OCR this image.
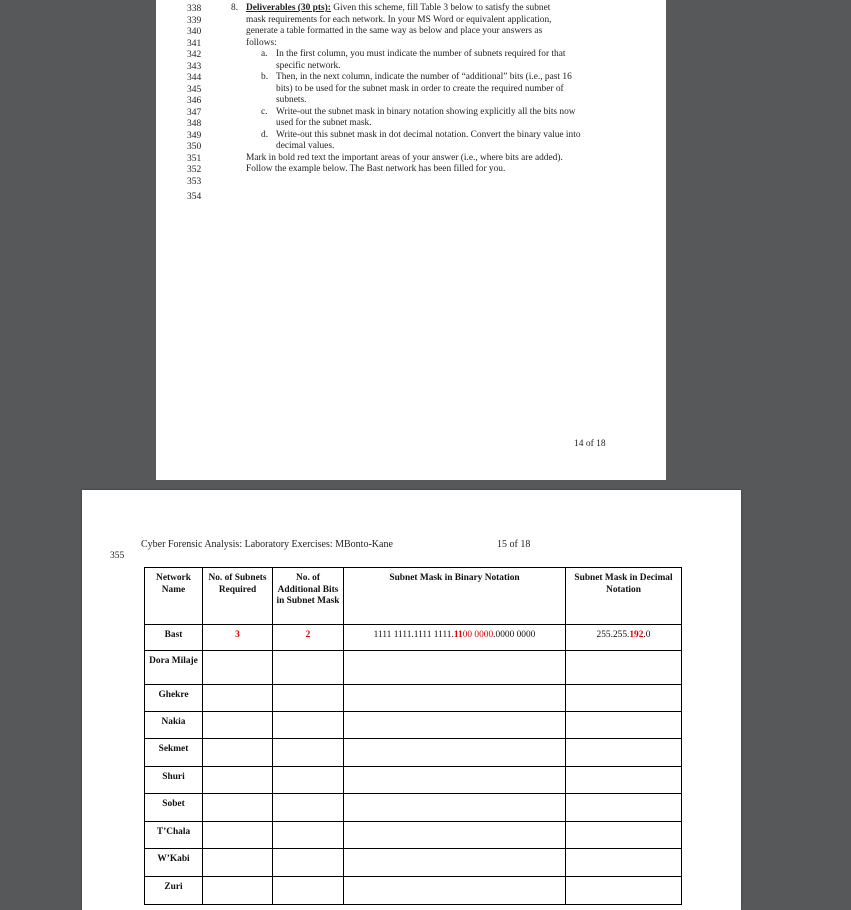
338
339
340
341
342
343
344
345
346
347
348
349
350
351
352
353
354
8. Deliverables (30 pts): Given this scheme, fill Table 3 below to satisfy the subnet
mask requirements for each network. In your MS Word or equivalent application,
generate a table formatted in the same way as below and place your answers as
follows:
a. In the first column, you must indicate the number of subnets required for that
specific network.
b. Then, in the next column, indicate the number of “additional” bits (i.e., past 16
bits) to be used for the subnet mask in order to create the required number of
subnets.
c. Write-out the subnet mask in binary notation showing explicitly all the bits now
used for the subnet mask.
d. Write-out this subnet mask in dot decimal notation. Convert the binary value into
decimal values.
Mark in bold red text the important areas of your answer (i.e., where bits are added).
Follow the example below. The Bast network has been filled for you.
14 of 18
Cyber Forensic Analysis: Laboratory Exercises: MBonto-Kane	15 of 18
355
Network Name	No. of Subnets Required	No. of Additional Bits in Subnet Mask	Subnet Mask in Binary Notation	Subnet Mask in Decimal Notation
Bast	3	2	1111 1111.1111 1111.1100 0000.0000 0000	255.255.192.0
Dora Milaje				
Ghekre				
Nakia				
Sekmet				
Shuri				
Sobet				
T’Chala				
W’Kabi				
Zuri				
